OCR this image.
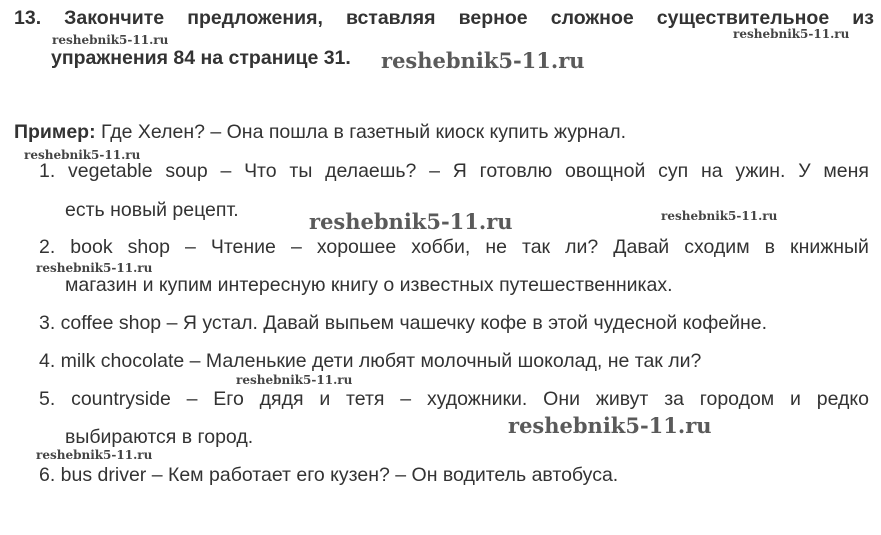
13. Закончите предложения, вставляя верное сложное существительное из
упражнения 84 на странице 31.
Пример: Где Хелен? – Она пошла в газетный киоск купить журнал.
1. vegetable soup – Что ты делаешь? – Я готовлю овощной суп на ужин. У меня
есть новый рецепт.
2. book shop – Чтение – хорошее хобби, не так ли? Давай сходим в книжный
магазин и купим интересную книгу о известных путешественниках.
3. coffee shop – Я устал. Давай выпьем чашечку кофе в этой чудесной кофейне.
4. milk chocolate – Маленькие дети любят молочный шоколад, не так ли?
5. countryside – Его дядя и тетя – художники. Они живут за городом и редко
выбираются в город.
6. bus driver – Кем работает его кузен? – Он водитель автобуса.
reshebnik5-11.ru	reshebnik5-11.ru
reshebnik5-11.ru
reshebnik5-11.ru
reshebnik5-11.ru	reshebnik5-11.ru
reshebnik5-11.ru
reshebnik5-11.ru
reshebnik5-11.ru
reshebnik5-11.ru
